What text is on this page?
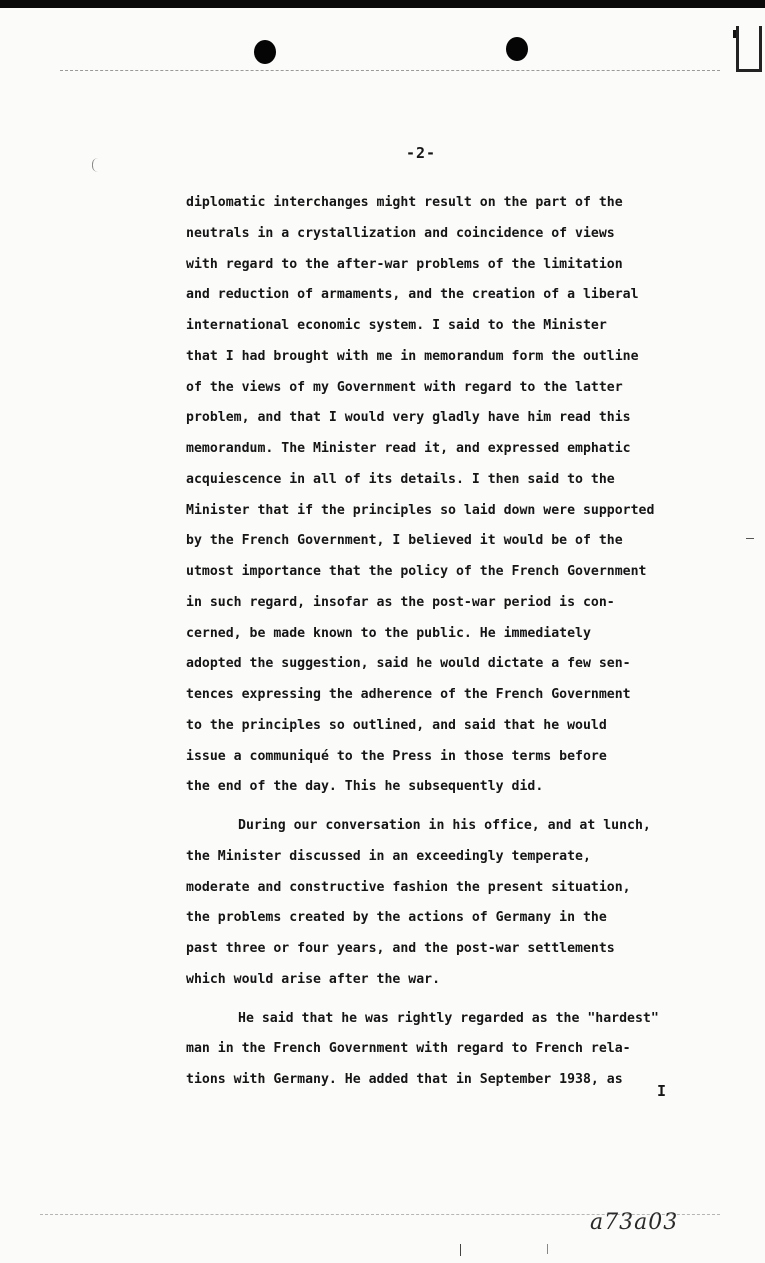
-2-
diplomatic interchanges might result on the part of the
neutrals in a crystallization and coincidence of views
with regard to the after-war problems of the limitation
and reduction of armaments, and the creation of a liberal
international economic system. I said to the Minister
that I had brought with me in memorandum form the outline
of the views of my Government with regard to the latter
problem, and that I would very gladly have him read this
memorandum. The Minister read it, and expressed emphatic
acquiescence in all of its details. I then said to the
Minister that if the principles so laid down were supported
by the French Government, I believed it would be of the
utmost importance that the policy of the French Government
in such regard, insofar as the post-war period is con-
cerned, be made known to the public. He immediately
adopted the suggestion, said he would dictate a few sen-
tences expressing the adherence of the French Government
to the principles so outlined, and said that he would
issue a communiqué to the Press in those terms before
the end of the day. This he subsequently did.
During our conversation in his office, and at lunch,
the Minister discussed in an exceedingly temperate,
moderate and constructive fashion the present situation,
the problems created by the actions of Germany in the
past three or four years, and the post-war settlements
which would arise after the war.
He said that he was rightly regarded as the "hardest"
man in the French Government with regard to French rela-
tions with Germany. He added that in September 1938, as
I
a73a03
